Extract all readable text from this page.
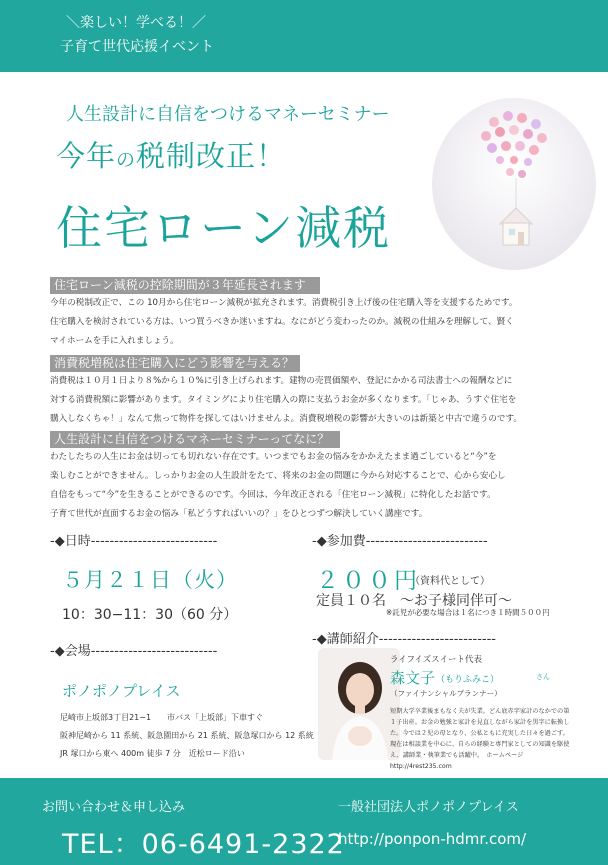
＼楽しい！学べる！／
子育て世代応援イベント
人生設計に自信をつけるマネーセミナー
今年の税制改正！
住宅ローン減税
住宅ローン減税の控除期間が３年延長されます
今年の税制改正で、この 10月から住宅ローン減税が拡充されます。消費税引き上げ後の住宅購入等を支援するためです。
住宅購入を検討されている方は、いつ買うべきか迷いますね。なにがどう変わったのか。減税の仕組みを理解して、賢く
マイホームを手に入れましょう。
消費税増税は住宅購入にどう影響を与える？
消費税は１０月１日より８%から１０%に引き上げられます。建物の売買価額や、登記にかかる司法書士への報酬などに
対する消費税額に影響があります。タイミングにより住宅購入の際に支払うお金が多くなります。「じゃあ、うすぐ住宅を
購入しなくちゃ！」なんて焦って物件を探してはいけませんよ。消費税増税の影響が大きいのは新築と中古で違うのです。
人生設計に自信をつけるマネーセミナーってなに？
わたしたちの人生にお金は切っても切れない存在です。いつまでもお金の悩みをかかえたまま過ごしていると“今”を
楽しむことができません。しっかりお金の人生設計をたて、将来のお金の問題に今から対応することで、心から安心し
自信をもって“今”を生きることができるのです。今回は、今年改正される「住宅ローン減税」に特化したお話です。
子育て世代が直面するお金の悩み「私どうすればいいの？」をひとつずつ解決していく講座です。
-◆日時---------------------------
５月２１日（火）
10：30−11：30（60 分）
-◆参加費--------------------------
２００円
（資料代として）
定員１０名　～お子様同伴可～
※託児が必要な場合は１名につき１時間５００円
-◆会場---------------------------
ポノポノプレイス
尼崎市上坂部3丁目21−1　　市バス「上坂部」下車すぐ
阪神尼崎から 11 系統、阪急園田から 21 系統、阪急塚口から 12 系統
JR 塚口から東へ 400m 徒歩 7 分　近松ロード沿い
-◆講師紹介-------------------------
ライフイズスイート代表
森文子 （もりふみこ）	さん
（ファイナンシャルプランナー）
短期大学卒業後まもなく夫が失業。どん底赤字家計のなかでの第１子出産。お金の勉強と家計を見直しながら家計を黒字に転換した。今では２児の母となり、公私ともに充実した日々を過ごす。現在は相談業を中心に、自らの経験と専門家としての知識を駆使え、講師業・執筆業でも活躍中。　ホームページ　http://4rest235.com
お問い合わせ＆申し込み	一般社団法人ポノポノプレイス
TEL：06-6491-2322
http://ponpon-hdmr.com/
